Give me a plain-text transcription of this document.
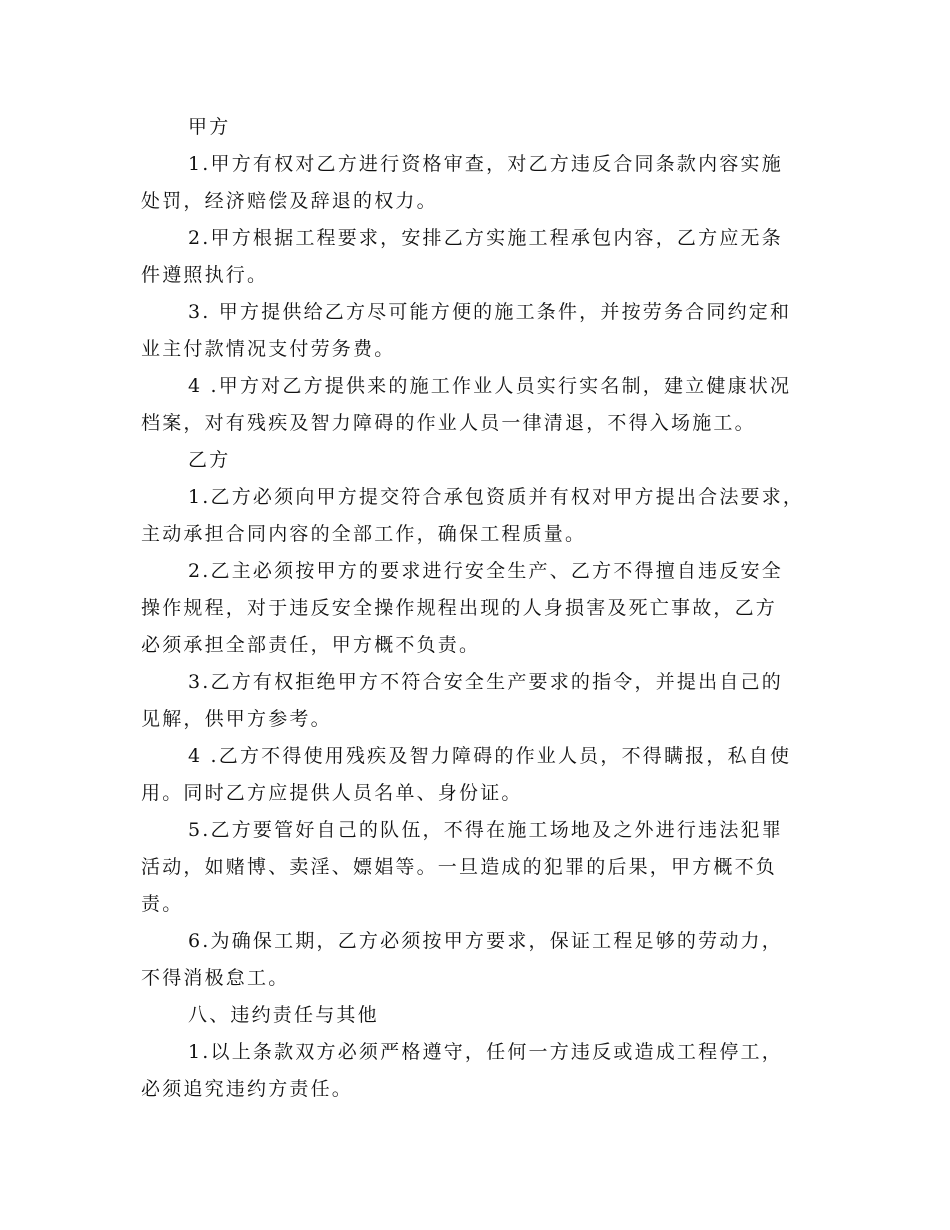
甲方

1.甲方有权对乙方进行资格审查，对乙方违反合同条款内容实施

处罚，经济赔偿及辞退的权力。

2.甲方根据工程要求，安排乙方实施工程承包内容，乙方应无条

件遵照执行。

3. 甲方提供给乙方尽可能方便的施工条件，并按劳务合同约定和

业主付款情况支付劳务费。

4 .甲方对乙方提供来的施工作业人员实行实名制，建立健康状况

档案，对有残疾及智力障碍的作业人员一律清退，不得入场施工。

乙方

1.乙方必须向甲方提交符合承包资质并有权对甲方提出合法要求，

主动承担合同内容的全部工作，确保工程质量。

2.乙主必须按甲方的要求进行安全生产、乙方不得擅自违反安全

操作规程，对于违反安全操作规程出现的人身损害及死亡事故，乙方

必须承担全部责任，甲方概不负责。

3.乙方有权拒绝甲方不符合安全生产要求的指令，并提出自己的

见解，供甲方参考。

4 .乙方不得使用残疾及智力障碍的作业人员，不得瞒报，私自使

用。同时乙方应提供人员名单、身份证。

5.乙方要管好自己的队伍，不得在施工场地及之外进行违法犯罪

活动，如赌博、卖淫、嫖娼等。一旦造成的犯罪的后果，甲方概不负

责。

6.为确保工期，乙方必须按甲方要求，保证工程足够的劳动力，

不得消极怠工。

八、违约责任与其他

1.以上条款双方必须严格遵守，任何一方违反或造成工程停工，

必须追究违约方责任。
